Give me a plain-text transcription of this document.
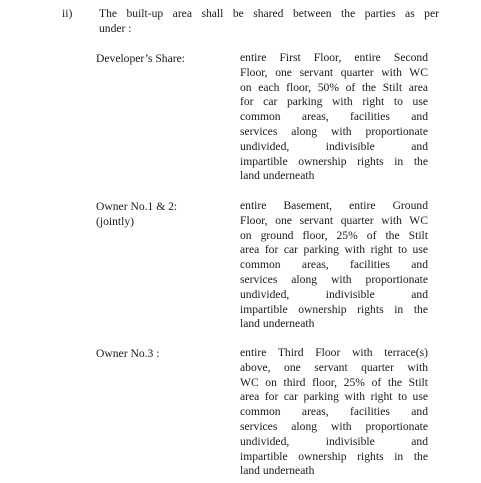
ii) The built-up area shall be shared between the parties as per
under :
Developer’s Share:	entire First Floor, entire Second
Floor, one servant quarter with WC
on each floor, 50% of the Stilt area
for car parking with right to use
common areas, facilities and
services along with proportionate
undivided, indivisible and
impartible ownership rights in the
land underneath
Owner No.1 & 2:
(jointly)
entire Basement, entire Ground
Floor, one servant quarter with WC
on ground floor, 25% of the Stilt
area for car parking with right to use
common areas, facilities and
services along with proportionate
undivided, indivisible and
impartible ownership rights in the
land underneath
Owner No.3 :	entire Third Floor with terrace(s)
above, one servant quarter with
WC on third floor, 25% of the Stilt
area for car parking with right to use
common areas, facilities and
services along with proportionate
undivided, indivisible and
impartible ownership rights in the
land underneath
